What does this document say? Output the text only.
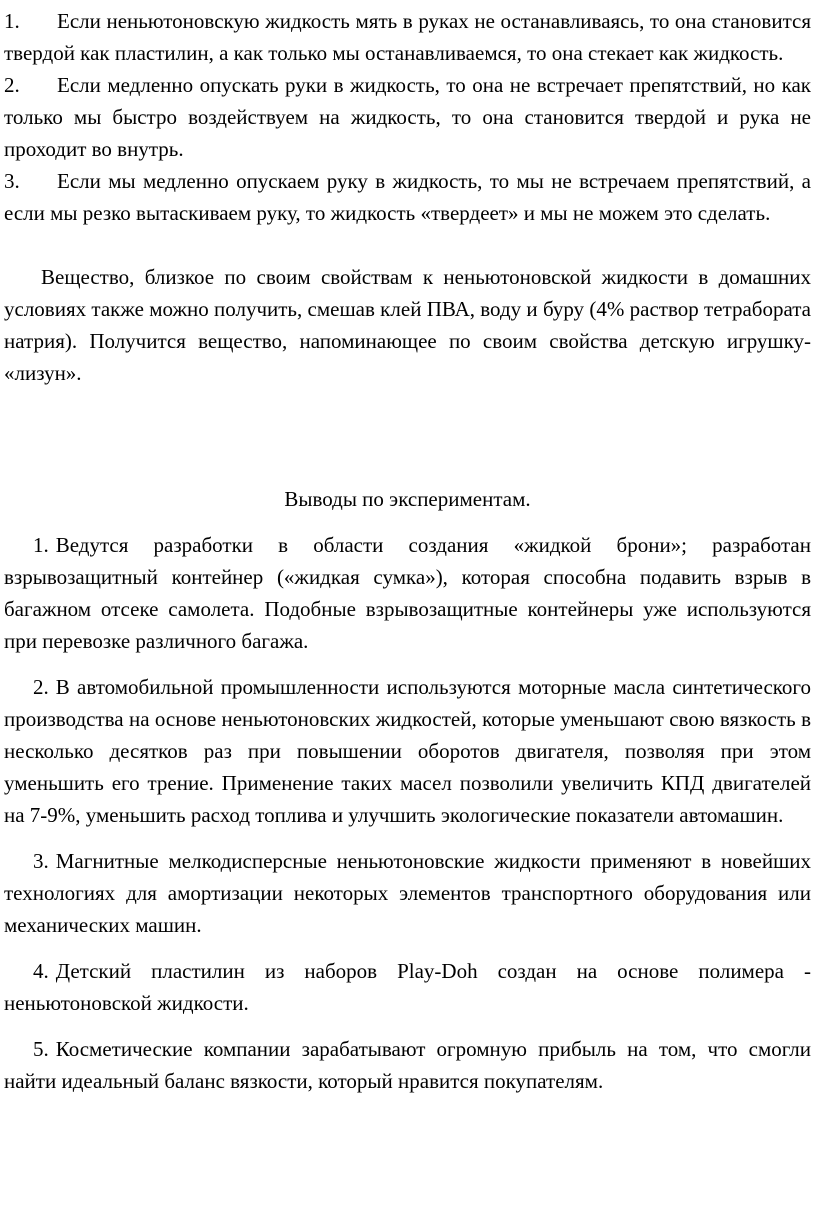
1. Если неньютоновскую жидкость мять в руках не останавливаясь, то она становится твердой как пластилин, а как только мы останавливаемся, то она стекает как жидкость.

2. Если медленно опускать руки в жидкость, то она не встречает препятствий, но как только мы быстро воздействуем на жидкость, то она становится твердой и рука не проходит во внутрь.

3. Если мы медленно опускаем руку в жидкость, то мы не встречаем препятствий, а если мы резко вытаскиваем руку, то жидкость «твердеет» и мы не можем это сделать.

Вещество, близкое по своим свойствам к неньютоновской жидкости в домашних условиях также можно получить, смешав клей ПВА, воду и буру (4% раствор тетрабората натрия). Получится вещество, напоминающее по своим свойства детскую игрушку- «лизун».

Выводы по экспериментам.

1. Ведутся разработки в области создания «жидкой брони»; разработан взрывозащитный контейнер («жидкая сумка»), которая способна подавить взрыв в багажном отсеке самолета. Подобные взрывозащитные контейнеры уже используются при перевозке различного багажа.

2. В автомобильной промышленности используются моторные масла синтетического производства на основе неньютоновских жидкостей, которые уменьшают свою вязкость в несколько десятков раз при повышении оборотов двигателя, позволяя при этом уменьшить его трение. Применение таких масел позволили увеличить КПД двигателей на 7-9%, уменьшить расход топлива и улучшить экологические показатели автомашин.

3. Магнитные мелкодисперсные неньютоновские жидкости применяют в новейших технологиях для амортизации некоторых элементов транспортного оборудования или механических машин.

4. Детский пластилин из наборов Play-Doh создан на основе полимера - неньютоновской жидкости.

5. Косметические компании зарабатывают огромную прибыль на том, что смогли найти идеальный баланс вязкости, который нравится покупателям.
